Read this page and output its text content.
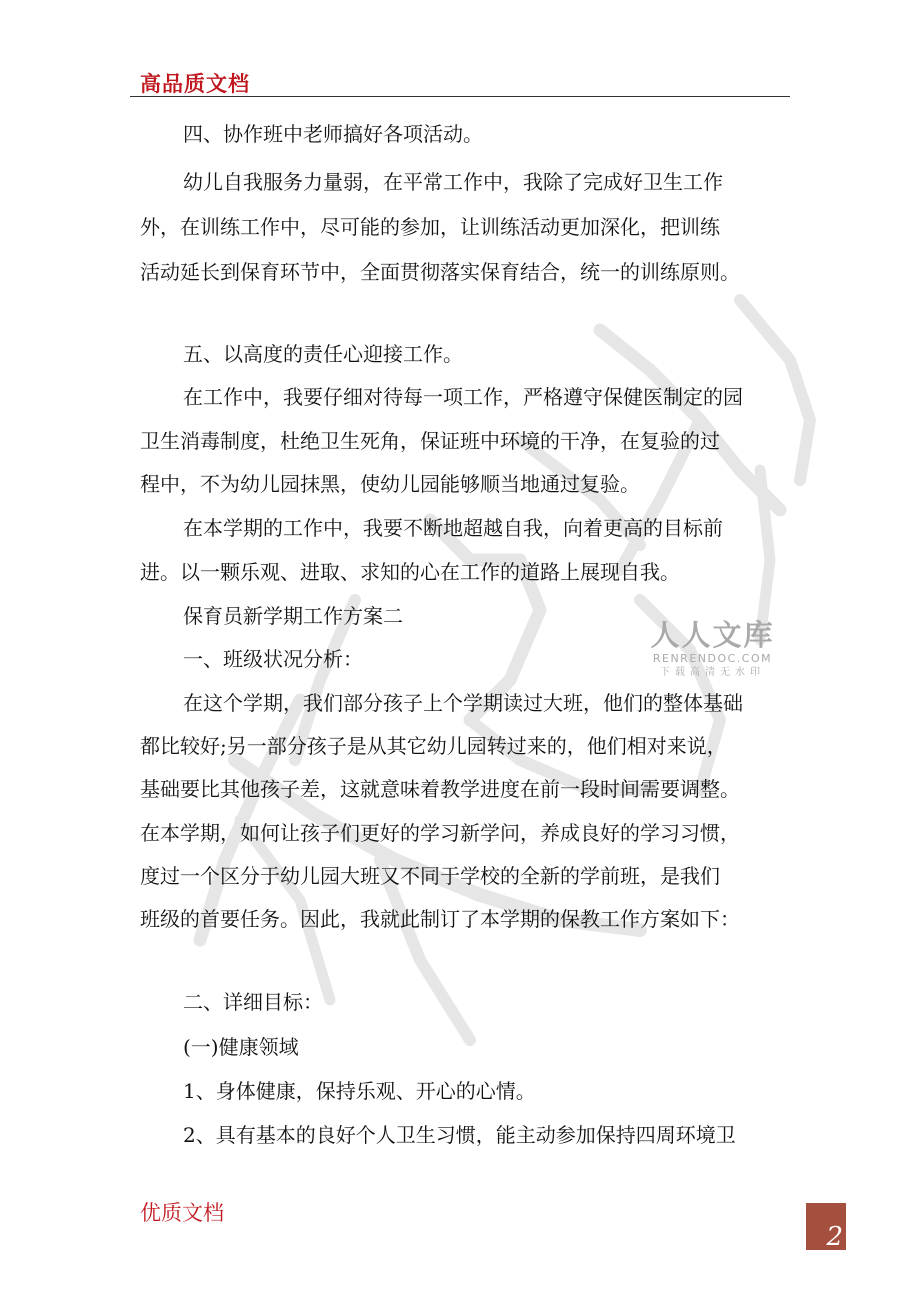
高品质文档
人人文库
RENRENDOC.COM
下载高清无水印
四、协作班中老师搞好各项活动。
幼儿自我服务力量弱，在平常工作中，我除了完成好卫生工作
外，在训练工作中，尽可能的参加，让训练活动更加深化，把训练
活动延长到保育环节中，全面贯彻落实保育结合，统一的训练原则。
五、以高度的责任心迎接工作。
在工作中，我要仔细对待每一项工作，严格遵守保健医制定的园
卫生消毒制度，杜绝卫生死角，保证班中环境的干净，在复验的过
程中，不为幼儿园抹黑，使幼儿园能够顺当地通过复验。
在本学期的工作中，我要不断地超越自我，向着更高的目标前
进。以一颗乐观、进取、求知的心在工作的道路上展现自我。
保育员新学期工作方案二
一、班级状况分析：
在这个学期，我们部分孩子上个学期读过大班，他们的整体基础
都比较好;另一部分孩子是从其它幼儿园转过来的，他们相对来说，
基础要比其他孩子差，这就意味着教学进度在前一段时间需要调整。
在本学期，如何让孩子们更好的学习新学问，养成良好的学习习惯，
度过一个区分于幼儿园大班又不同于学校的全新的学前班，是我们
班级的首要任务。因此，我就此制订了本学期的保教工作方案如下：
二、详细目标：
(一)健康领域
1、身体健康，保持乐观、开心的心情。
2、具有基本的良好个人卫生习惯，能主动参加保持四周环境卫
优质文档
2
